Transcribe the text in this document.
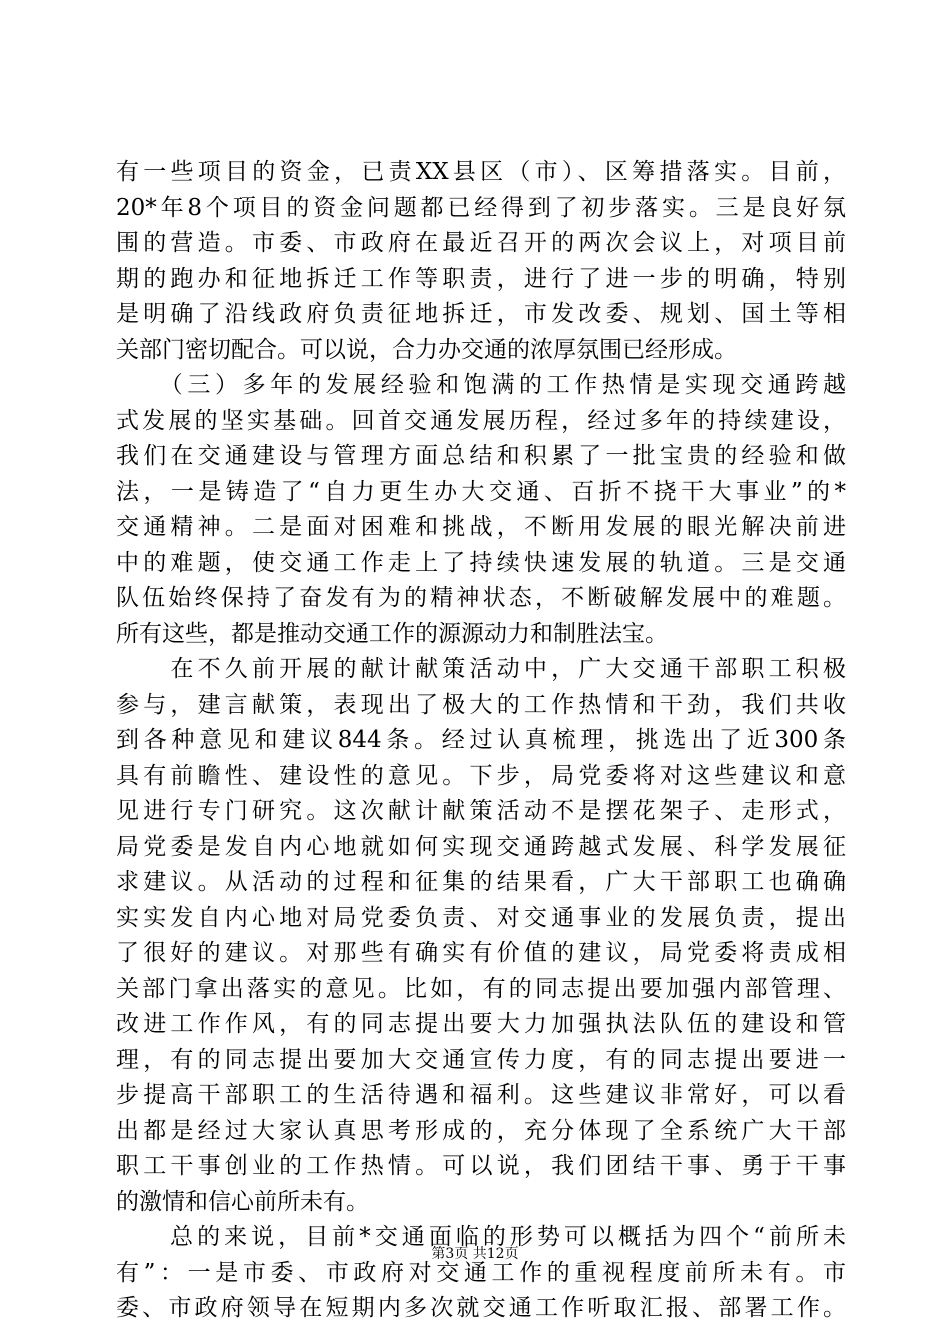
有一些项目的资金，已责XX县区（市）、区筹措落实。目前，
20*年8个项目的资金问题都已经得到了初步落实。三是良好氛
围的营造。市委、市政府在最近召开的两次会议上，对项目前
期的跑办和征地拆迁工作等职责，进行了进一步的明确，特别
是明确了沿线政府负责征地拆迁，市发改委、规划、国土等相
关部门密切配合。可以说，合力办交通的浓厚氛围已经形成。
　　（三）多年的发展经验和饱满的工作热情是实现交通跨越
式发展的坚实基础。回首交通发展历程，经过多年的持续建设，
我们在交通建设与管理方面总结和积累了一批宝贵的经验和做
法，一是铸造了“自力更生办大交通、百折不挠干大事业”的*
交通精神。二是面对困难和挑战，不断用发展的眼光解决前进
中的难题，使交通工作走上了持续快速发展的轨道。三是交通
队伍始终保持了奋发有为的精神状态，不断破解发展中的难题。
所有这些，都是推动交通工作的源源动力和制胜法宝。
　　在不久前开展的献计献策活动中，广大交通干部职工积极
参与，建言献策，表现出了极大的工作热情和干劲，我们共收
到各种意见和建议844条。经过认真梳理，挑选出了近300条
具有前瞻性、建设性的意见。下步，局党委将对这些建议和意
见进行专门研究。这次献计献策活动不是摆花架子、走形式，
局党委是发自内心地就如何实现交通跨越式发展、科学发展征
求建议。从活动的过程和征集的结果看，广大干部职工也确确
实实发自内心地对局党委负责、对交通事业的发展负责，提出
了很好的建议。对那些有确实有价值的建议，局党委将责成相
关部门拿出落实的意见。比如，有的同志提出要加强内部管理、
改进工作作风，有的同志提出要大力加强执法队伍的建设和管
理，有的同志提出要加大交通宣传力度，有的同志提出要进一
步提高干部职工的生活待遇和福利。这些建议非常好，可以看
出都是经过大家认真思考形成的，充分体现了全系统广大干部
职工干事创业的工作热情。可以说，我们团结干事、勇于干事
的激情和信心前所未有。
　　总的来说，目前*交通面临的形势可以概括为四个“前所未
有”：一是市委、市政府对交通工作的重视程度前所未有。市
委、市政府领导在短期内多次就交通工作听取汇报、部署工作。
第3页 共12页
